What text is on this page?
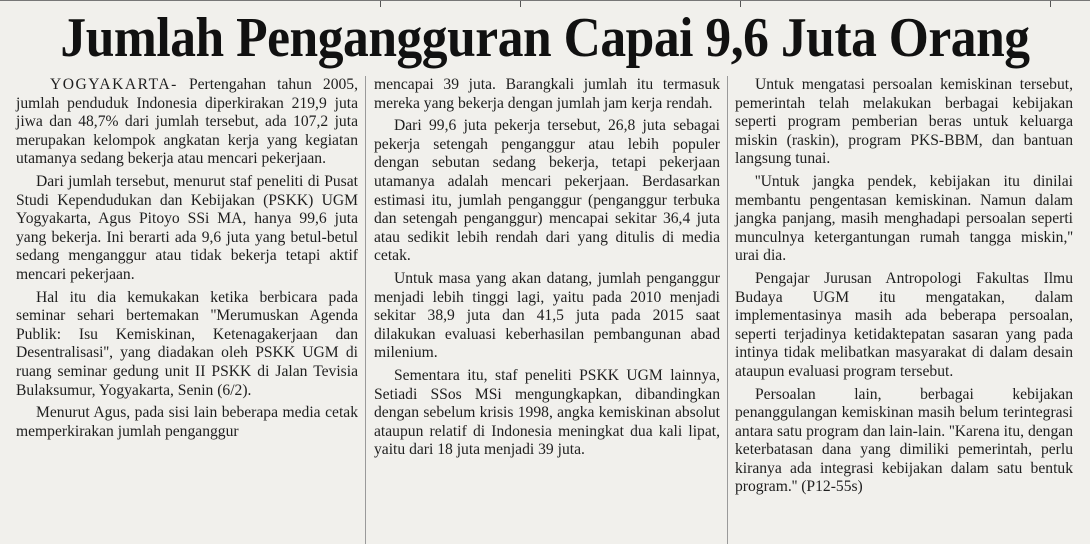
Jumlah Pengangguran Capai 9,6 Juta Orang

YOGYAKARTA- Pertengahan tahun 2005, jumlah penduduk Indonesia diperkirakan 219,9 juta jiwa dan 48,7% dari jumlah tersebut, ada 107,2 juta merupakan kelompok angkatan kerja yang kegiatan utamanya sedang bekerja atau mencari pekerjaan.

Dari jumlah tersebut, menurut staf peneliti di Pusat Studi Kependudukan dan Kebijakan (PSKK) UGM Yogyakarta, Agus Pitoyo SSi MA, hanya 99,6 juta yang bekerja. Ini berarti ada 9,6 juta yang betul-betul sedang menganggur atau tidak bekerja tetapi aktif mencari pekerjaan.

Hal itu dia kemukakan ketika berbicara pada seminar sehari bertemakan ''Merumuskan Agenda Publik: Isu Kemiskinan, Ketenagakerjaan dan Desentralisasi'', yang diadakan oleh PSKK UGM di ruang seminar gedung unit II PSKK di Jalan Tevisia Bulaksumur, Yogyakarta, Senin (6/2).

Menurut Agus, pada sisi lain beberapa media cetak memperkirakan jumlah penganggur

mencapai 39 juta. Barangkali jumlah itu termasuk mereka yang bekerja dengan jumlah jam kerja rendah.

Dari 99,6 juta pekerja tersebut, 26,8 juta sebagai pekerja setengah penganggur atau lebih populer dengan sebutan sedang bekerja, tetapi pekerjaan utamanya adalah mencari pekerjaan. Berdasarkan estimasi itu, jumlah penganggur (penganggur terbuka dan setengah penganggur) mencapai sekitar 36,4 juta atau sedikit lebih rendah dari yang ditulis di media cetak.

Untuk masa yang akan datang, jumlah penganggur menjadi lebih tinggi lagi, yaitu pada 2010 menjadi sekitar 38,9 juta dan 41,5 juta pada 2015 saat dilakukan evaluasi keberhasilan pembangunan abad milenium.

Sementara itu, staf peneliti PSKK UGM lainnya, Setiadi SSos MSi mengungkapkan, dibandingkan dengan sebelum krisis 1998, angka kemiskinan absolut ataupun relatif di Indonesia meningkat dua kali lipat, yaitu dari 18 juta menjadi 39 juta.

Untuk mengatasi persoalan kemiskinan tersebut, pemerintah telah melakukan berbagai kebijakan seperti program pemberian beras untuk keluarga miskin (raskin), program PKS-BBM, dan bantuan langsung tunai.

''Untuk jangka pendek, kebijakan itu dinilai membantu pengentasan kemiskinan. Namun dalam jangka panjang, masih menghadapi persoalan seperti munculnya ketergantungan rumah tangga miskin,'' urai dia.

Pengajar Jurusan Antropologi Fakultas Ilmu Budaya UGM itu mengatakan, dalam implementasinya masih ada beberapa persoalan, seperti terjadinya ketidaktepatan sasaran yang pada intinya tidak melibatkan masyarakat di dalam desain ataupun evaluasi program tersebut.

Persoalan lain, berbagai kebijakan penanggulangan kemiskinan masih belum terintegrasi antara satu program dan lain-lain. ''Karena itu, dengan keterbatasan dana yang dimiliki pemerintah, perlu kiranya ada integrasi kebijakan dalam satu bentuk program.'' (P12-55s)
